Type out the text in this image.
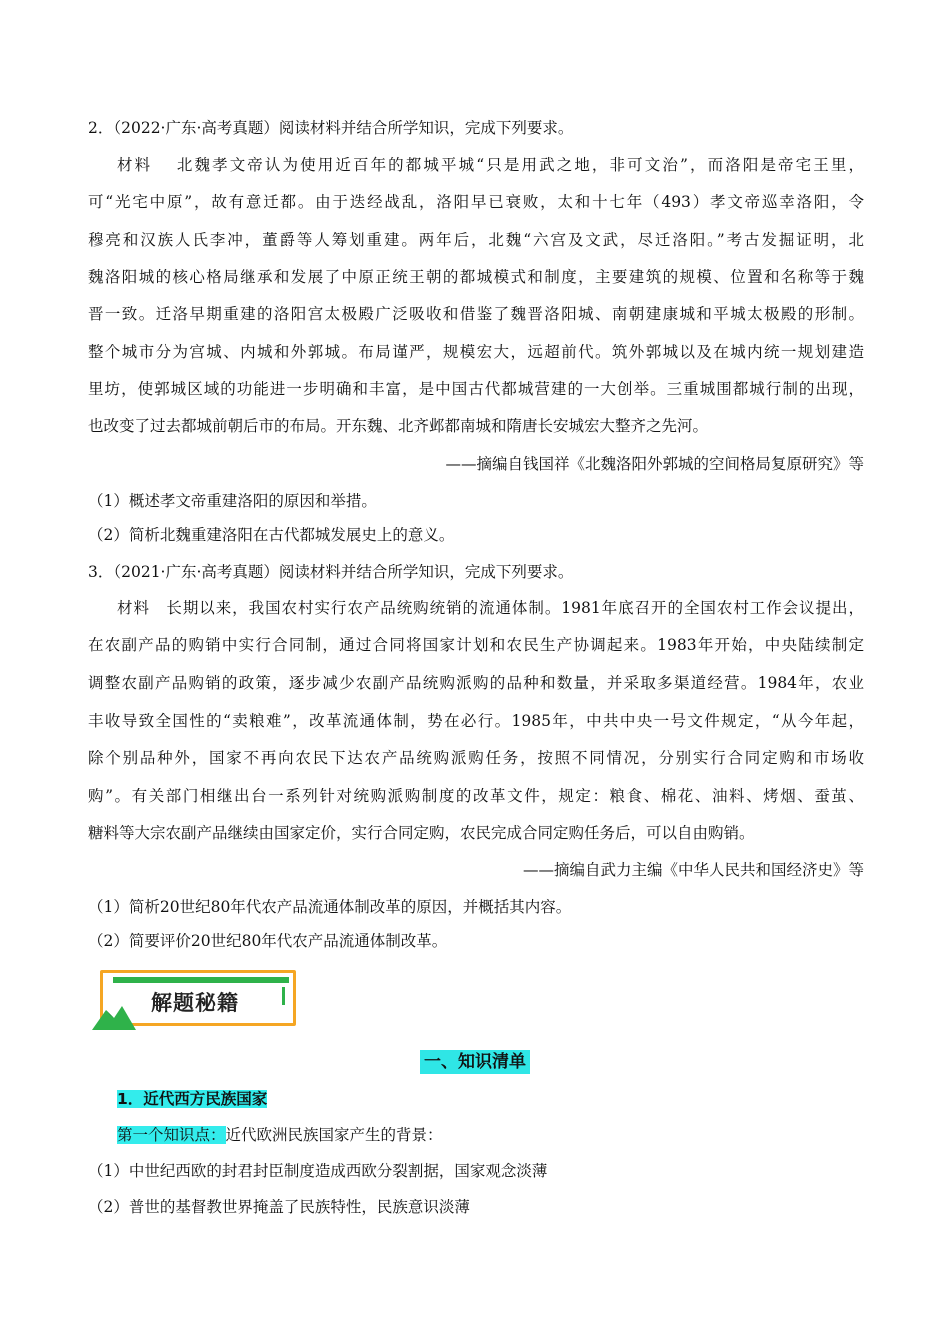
2．（2022·广东·高考真题）阅读材料并结合所学知识，完成下列要求。
材料　 北魏孝文帝认为使用近百年的都城平城“只是用武之地，非可文治”，而洛阳是帝宅王里，
可“光宅中原”，故有意迁都。由于迭经战乱，洛阳早已衰败，太和十七年（493）孝文帝巡幸洛阳，令
穆亮和汉族人氏李冲，董爵等人筹划重建。两年后，北魏“六宫及文武，尽迁洛阳。”考古发掘证明，北
魏洛阳城的核心格局继承和发展了中原正统王朝的都城模式和制度，主要建筑的规模、位置和名称等于魏
晋一致。迁洛早期重建的洛阳宫太极殿广泛吸收和借鉴了魏晋洛阳城、南朝建康城和平城太极殿的形制。
整个城市分为宫城、内城和外郭城。布局谨严，规模宏大，远超前代。筑外郭城以及在城内统一规划建造
里坊，使郭城区域的功能进一步明确和丰富，是中国古代都城营建的一大创举。三重城围都城行制的出现，
也改变了过去都城前朝后市的布局。开东魏、北齐邺都南城和隋唐长安城宏大整齐之先河。
——摘编自钱国祥《北魏洛阳外郭城的空间格局复原研究》等
（1）概述孝文帝重建洛阳的原因和举措。
（2）简析北魏重建洛阳在古代都城发展史上的意义。
3．（2021·广东·高考真题）阅读材料并结合所学知识，完成下列要求。
材料　长期以来，我国农村实行农产品统购统销的流通体制。1981年底召开的全国农村工作会议提出，
在农副产品的购销中实行合同制，通过合同将国家计划和农民生产协调起来。1983年开始，中央陆续制定
调整农副产品购销的政策，逐步减少农副产品统购派购的品种和数量，并采取多渠道经营。1984年，农业
丰收导致全国性的“卖粮难”，改革流通体制，势在必行。1985年，中共中央一号文件规定，“从今年起，
除个别品种外，国家不再向农民下达农产品统购派购任务，按照不同情况，分别实行合同定购和市场收
购”。有关部门相继出台一系列针对统购派购制度的改革文件，规定：粮食、棉花、油料、烤烟、蚕茧、
糖料等大宗农副产品继续由国家定价，实行合同定购，农民完成合同定购任务后，可以自由购销。
——摘编自武力主编《中华人民共和国经济史》等
（1）简析20世纪80年代农产品流通体制改革的原因，并概括其内容。
（2）简要评价20世纪80年代农产品流通体制改革。
解题秘籍
一、知识清单
1．近代西方民族国家
第一个知识点：近代欧洲民族国家产生的背景：
（1）中世纪西欧的封君封臣制度造成西欧分裂割据，国家观念淡薄
（2）普世的基督教世界掩盖了民族特性，民族意识淡薄
